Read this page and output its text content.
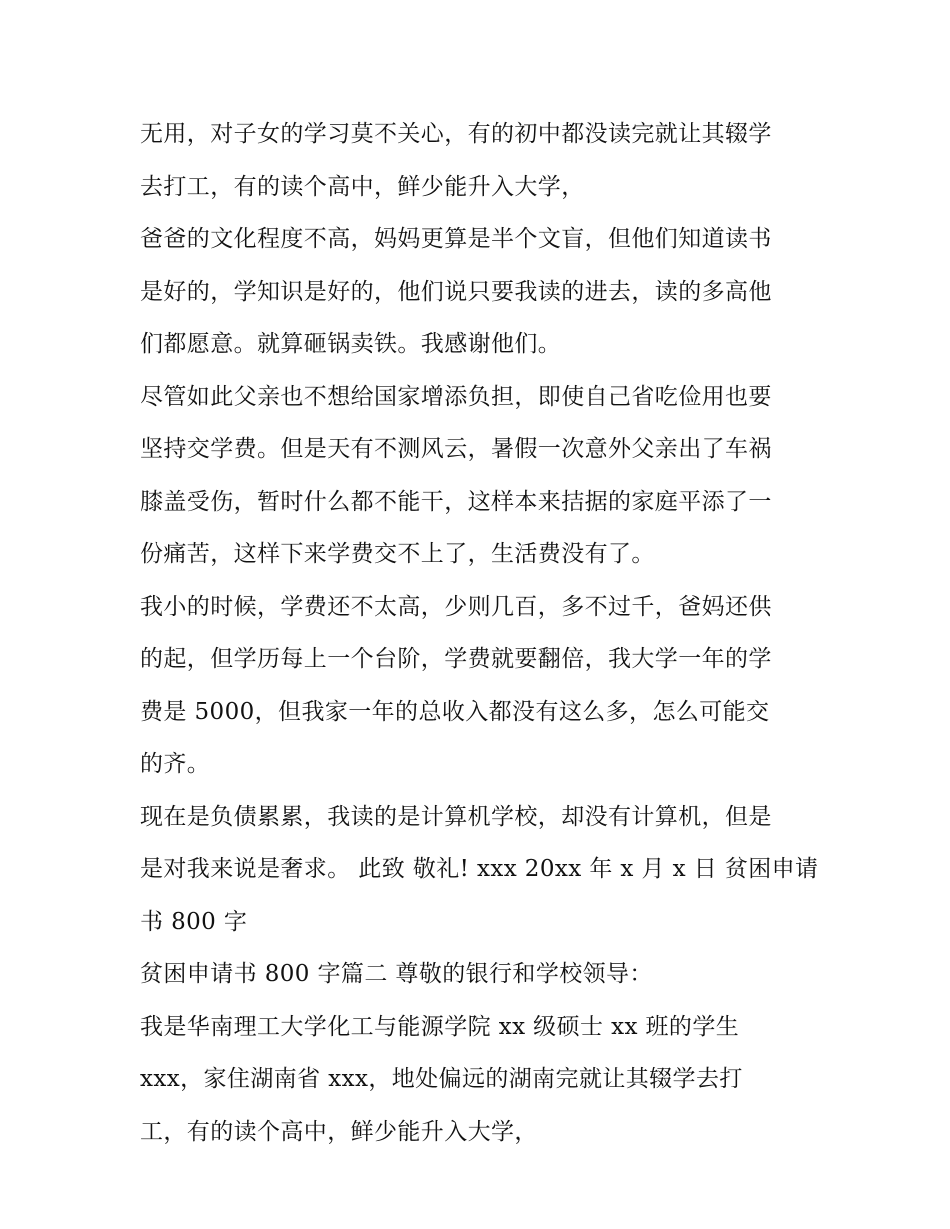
无用，对子女的学习莫不关心，有的初中都没读完就让其辍学
去打工，有的读个高中，鲜少能升入大学，
爸爸的文化程度不高，妈妈更算是半个文盲，但他们知道读书
是好的，学知识是好的，他们说只要我读的进去，读的多高他
们都愿意。就算砸锅卖铁。我感谢他们。
尽管如此父亲也不想给国家增添负担，即使自己省吃俭用也要
坚持交学费。但是天有不测风云，暑假一次意外父亲出了车祸
膝盖受伤，暂时什么都不能干，这样本来拮据的家庭平添了一
份痛苦，这样下来学费交不上了，生活费没有了。
我小的时候，学费还不太高，少则几百，多不过千，爸妈还供
的起，但学历每上一个台阶，学费就要翻倍，我大学一年的学
费是 5000，但我家一年的总收入都没有这么多，怎么可能交
的齐。
现在是负债累累，我读的是计算机学校，却没有计算机，但是
是对我来说是奢求。 此致 敬礼! xxx 20xx 年 x 月 x 日 贫困申请
书 800 字
贫困申请书 800 字篇二 尊敬的银行和学校领导：
我是华南理工大学化工与能源学院 xx 级硕士 xx 班的学生
xxx，家住湖南省 xxx，地处偏远的湖南完就让其辍学去打
工，有的读个高中，鲜少能升入大学，
